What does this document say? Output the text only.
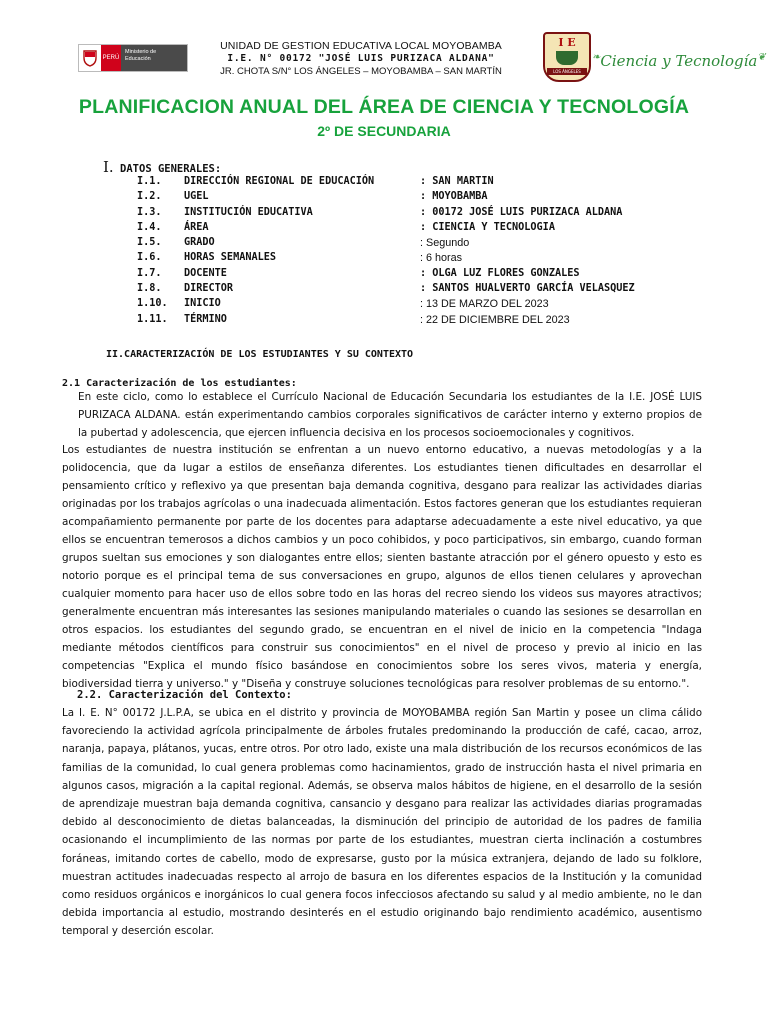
PERÚ
Ministerio de Educación
UNIDAD DE GESTION EDUCATIVA LOCAL MOYOBAMBA
I.E. N° 00172 "JOSÉ LUIS PURIZACA ALDANA"
JR. CHOTA S/N° LOS ÁNGELES – MOYOBAMBA – SAN MARTÍN
I E
LOS ÁNGELES
❧Ciencia y Tecnología❦
PLANIFICACION ANUAL DEL ÁREA DE CIENCIA Y TECNOLOGÍA
2º DE SECUNDARIA
I. DATOS GENERALES:
I.1. DIRECCIÓN REGIONAL DE EDUCACIÓN	: SAN MARTIN
I.2. UGEL	: MOYOBAMBA
I.3. INSTITUCIÓN EDUCATIVA	: 00172 JOSÉ LUIS PURIZACA ALDANA
I.4. ÁREA	: CIENCIA Y TECNOLOGIA
I.5. GRADO	: Segundo
I.6. HORAS SEMANALES	: 6 horas
I.7. DOCENTE	: OLGA LUZ FLORES GONZALES
I.8. DIRECTOR	: SANTOS HUALVERTO GARCÍA VELASQUEZ
1.10. INICIO	: 13 DE MARZO DEL 2023
1.11. TÉRMINO	: 22 DE DICIEMBRE DEL 2023
II.CARACTERIZACIÓN DE LOS ESTUDIANTES Y SU CONTEXTO
2.1 Caracterización de los estudiantes:
En este ciclo, como lo establece el Currículo Nacional de Educación Secundaria los estudiantes de la I.E. JOSÉ LUIS PURIZACA ALDANA. están experimentando cambios corporales significativos de carácter interno y externo propios de la pubertad y adolescencia, que ejercen influencia decisiva en los procesos socioemocionales y cognitivos.
Los estudiantes de nuestra institución se enfrentan a un nuevo entorno educativo, a nuevas metodologías y a la polidocencia, que da lugar a estilos de enseñanza diferentes. Los estudiantes tienen dificultades en desarrollar el pensamiento crítico y reflexivo ya que presentan baja demanda cognitiva, desgano para realizar las actividades diarias originadas por los trabajos agrícolas o una inadecuada alimentación. Estos factores generan que los estudiantes requieran acompañamiento permanente por parte de los docentes para adaptarse adecuadamente a este nivel educativo, ya que ellos se encuentran temerosos a dichos cambios y un poco cohibidos, y poco participativos, sin embargo, cuando forman grupos sueltan sus emociones y son dialogantes entre ellos; sienten bastante atracción por el género opuesto y esto es notorio porque es el principal tema de sus conversaciones en grupo, algunos de ellos tienen celulares y aprovechan cualquier momento para hacer uso de ellos sobre todo en las horas del recreo siendo los videos sus mayores atractivos; generalmente encuentran más interesantes las sesiones manipulando materiales o cuando las sesiones se desarrollan en otros espacios. los estudiantes del segundo grado, se encuentran en el nivel de inicio en la competencia "Indaga mediante métodos científicos para construir sus conocimientos" en el nivel de proceso y previo al inicio en las competencias "Explica el mundo físico basándose en conocimientos sobre los seres vivos, materia y energía, biodiversidad tierra y universo." y "Diseña y construye soluciones tecnológicas para resolver problemas de su entorno.".
2.2. Caracterización del Contexto:
La I. E. N° 00172 J.L.P.A, se ubica en el distrito y provincia de MOYOBAMBA región San Martin y posee un clima cálido favoreciendo la actividad agrícola principalmente de árboles frutales predominando la producción de café, cacao, arroz, naranja, papaya, plátanos, yucas, entre otros. Por otro lado, existe una mala distribución de los recursos económicos de las familias de la comunidad, lo cual genera problemas como hacinamientos, grado de instrucción hasta el nivel primaria en algunos casos, migración a la capital regional. Además, se observa malos hábitos de higiene, en el desarrollo de la sesión de aprendizaje muestran baja demanda cognitiva, cansancio y desgano para realizar las actividades diarias programadas debido al desconocimiento de dietas balanceadas, la disminución del principio de autoridad de los padres de familia ocasionando el incumplimiento de las normas por parte de los estudiantes, muestran cierta inclinación a costumbres foráneas, imitando cortes de cabello, modo de expresarse, gusto por la música extranjera, dejando de lado su folklore, muestran actitudes inadecuadas respecto al arrojo de basura en los diferentes espacios de la Institución y la comunidad como residuos orgánicos e inorgánicos lo cual genera focos infecciosos afectando su salud y al medio ambiente, no le dan debida importancia al estudio, mostrando desinterés en el estudio originando bajo rendimiento académico, ausentismo temporal y deserción escolar.
